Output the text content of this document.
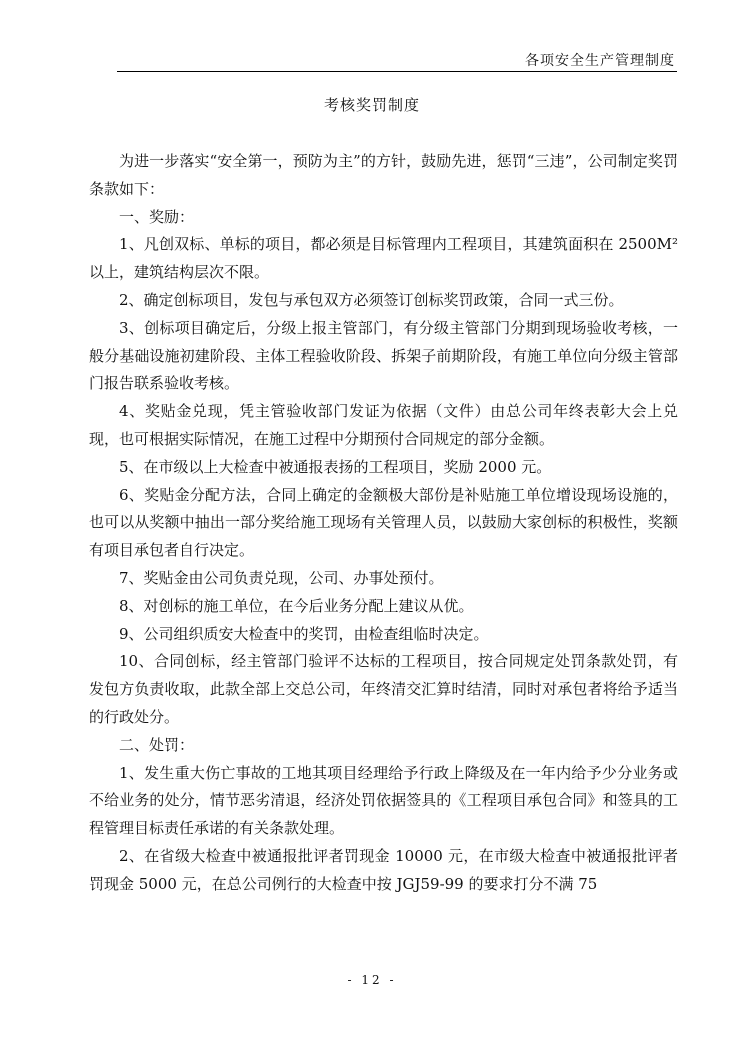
各项安全生产管理制度
考核奖罚制度

为进一步落实“安全第一，预防为主”的方针，鼓励先进，惩罚“三违”，公司制定奖罚条款如下：

一、奖励：

1、凡创双标、单标的项目，都必须是目标管理内工程项目，其建筑面积在 2500M² 以上，建筑结构层次不限。

2、确定创标项目，发包与承包双方必须签订创标奖罚政策，合同一式三份。

3、创标项目确定后，分级上报主管部门，有分级主管部门分期到现场验收考核，一般分基础设施初建阶段、主体工程验收阶段、拆架子前期阶段，有施工单位向分级主管部门报告联系验收考核。

4、奖贴金兑现，凭主管验收部门发证为依据（文件）由总公司年终表彰大会上兑现，也可根据实际情况，在施工过程中分期预付合同规定的部分金额。

5、在市级以上大检查中被通报表扬的工程项目，奖励 2000 元。

6、奖贴金分配方法，合同上确定的金额极大部份是补贴施工单位增设现场设施的，也可以从奖额中抽出一部分奖给施工现场有关管理人员，以鼓励大家创标的积极性，奖额有项目承包者自行决定。

7、奖贴金由公司负责兑现，公司、办事处预付。

8、对创标的施工单位，在今后业务分配上建议从优。

9、公司组织质安大检查中的奖罚，由检查组临时决定。

10、合同创标，经主管部门验评不达标的工程项目，按合同规定处罚条款处罚，有发包方负责收取，此款全部上交总公司，年终清交汇算时结清，同时对承包者将给予适当的行政处分。

二、处罚：

1、发生重大伤亡事故的工地其项目经理给予行政上降级及在一年内给予少分业务或不给业务的处分，情节恶劣清退，经济处罚依据签具的《工程项目承包合同》和签具的工程管理目标责任承诺的有关条款处理。

2、在省级大检查中被通报批评者罚现金 10000 元，在市级大检查中被通报批评者罚现金 5000 元，在总公司例行的大检查中按 JGJ59-99 的要求打分不满 75

- 12 -
